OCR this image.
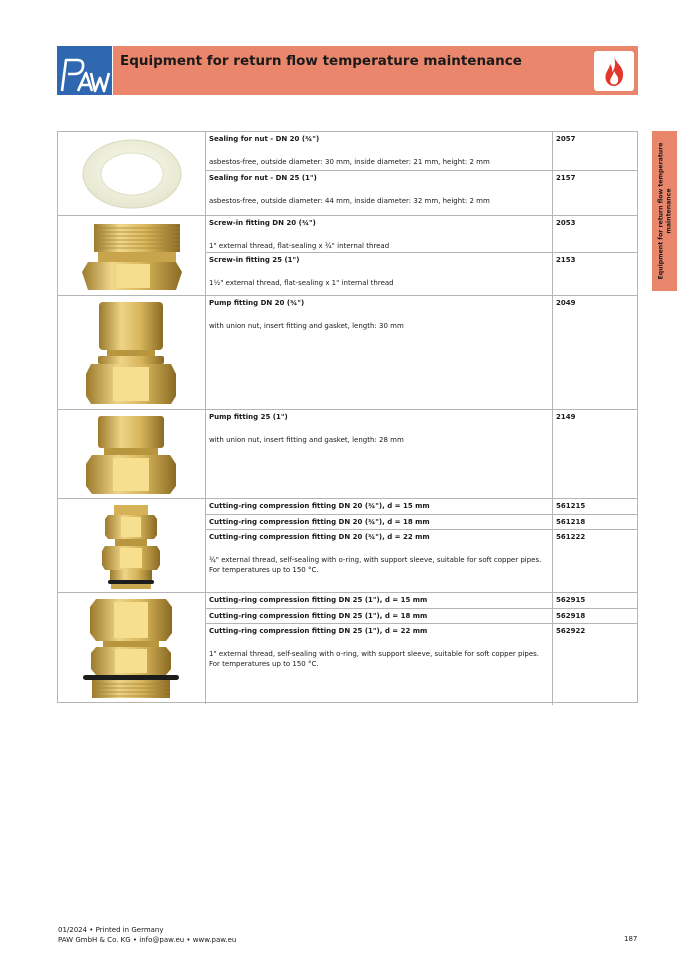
Equipment for return flow temperature maintenance
Equipment for return flow temperature maintenance
Sealing for nut - DN 20 (¾")
asbestos-free, outside diameter: 30 mm, inside diameter: 21 mm, height: 2 mm
2057
Sealing for nut - DN 25 (1")
asbestos-free, outside diameter: 44 mm, inside diameter: 32 mm, height: 2 mm
2157
Screw-in fitting DN 20 (¾")
1" external thread, flat-sealing x ¾" internal thread
2053
Screw-in fitting 25 (1")
1½" external thread, flat-sealing x 1" internal thread
2153
Pump fitting DN 20 (¾")
with union nut, insert fitting and gasket, length: 30 mm
2049
Pump fitting 25 (1")
with union nut, insert fitting and gasket, length: 28 mm
2149
Cutting-ring compression fitting DN 20 (¾"), d = 15 mm	561215
Cutting-ring compression fitting DN 20 (¾"), d = 18 mm	561218
Cutting-ring compression fitting DN 20 (¾"), d = 22 mm
¾" external thread, self-sealing with o-ring, with support sleeve, suitable for soft copper pipes. For temperatures up to 150 °C.
561222
Cutting-ring compression fitting DN 25 (1"), d = 15 mm	562915
Cutting-ring compression fitting DN 25 (1"), d = 18 mm	562918
Cutting-ring compression fitting DN 25 (1"), d = 22 mm
1" external thread, self-sealing with o-ring, with support sleeve, suitable for soft copper pipes. For temperatures up to 150 °C.
562922
01/2024 • Printed in Germany
PAW GmbH & Co. KG • info@paw.eu • www.paw.eu	187
